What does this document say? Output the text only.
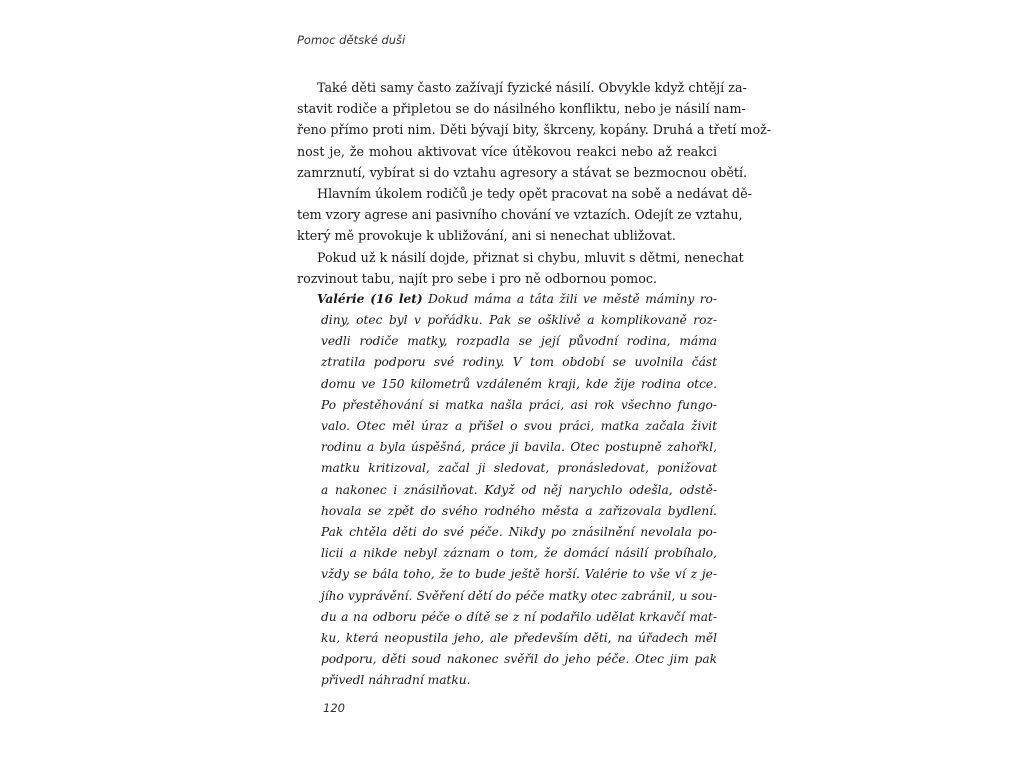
Pomoc dětské duši
Také děti samy často zažívají fyzické násilí. Obvykle když chtějí za-
stavit rodiče a připletou se do násilného konfliktu, nebo je násilí nam-
řeno přímo proti nim. Děti bývají bity, škrceny, kopány. Druhá a třetí mož-
nost je, že mohou aktivovat více útěkovou reakci nebo až reakci
zamrznutí, vybírat si do vztahu agresory a stávat se bezmocnou obětí.
Hlavním úkolem rodičů je tedy opět pracovat na sobě a nedávat dě-
tem vzory agrese ani pasivního chování ve vztazích. Odejít ze vztahu,
který mě provokuje k ubližování, ani si nenechat ubližovat.
Pokud už k násilí dojde, přiznat si chybu, mluvit s dětmi, nenechat
rozvinout tabu, najít pro sebe i pro ně odbornou pomoc.
Valérie (16 let) Dokud máma a táta žili ve městě máminy ro-
diny, otec byl v pořádku. Pak se ošklivě a komplikovaně roz-
vedli rodiče matky, rozpadla se její původní rodina, máma
ztratila podporu své rodiny. V tom období se uvolnila část
domu ve 150 kilometrů vzdáleném kraji, kde žije rodina otce.
Po přestěhování si matka našla práci, asi rok všechno fungo-
valo. Otec měl úraz a přišel o svou práci, matka začala živit
rodinu a byla úspěšná, práce ji bavila. Otec postupně zahořkl,
matku kritizoval, začal ji sledovat, pronásledovat, ponižovat
a nakonec i znásilňovat. Když od něj narychlo odešla, odstě-
hovala se zpět do svého rodného města a zařizovala bydlení.
Pak chtěla děti do své péče. Nikdy po znásilnění nevolala po-
licii a nikde nebyl záznam o tom, že domácí násilí probíhalo,
vždy se bála toho, že to bude ještě horší. Valérie to vše ví z je-
jího vyprávění. Svěření dětí do péče matky otec zabránil, u sou-
du a na odboru péče o dítě se z ní podařilo udělat krkavčí mat-
ku, která neopustila jeho, ale především děti, na úřadech měl
podporu, děti soud nakonec svěřil do jeho péče. Otec jim pak
přivedl náhradní matku.
120
